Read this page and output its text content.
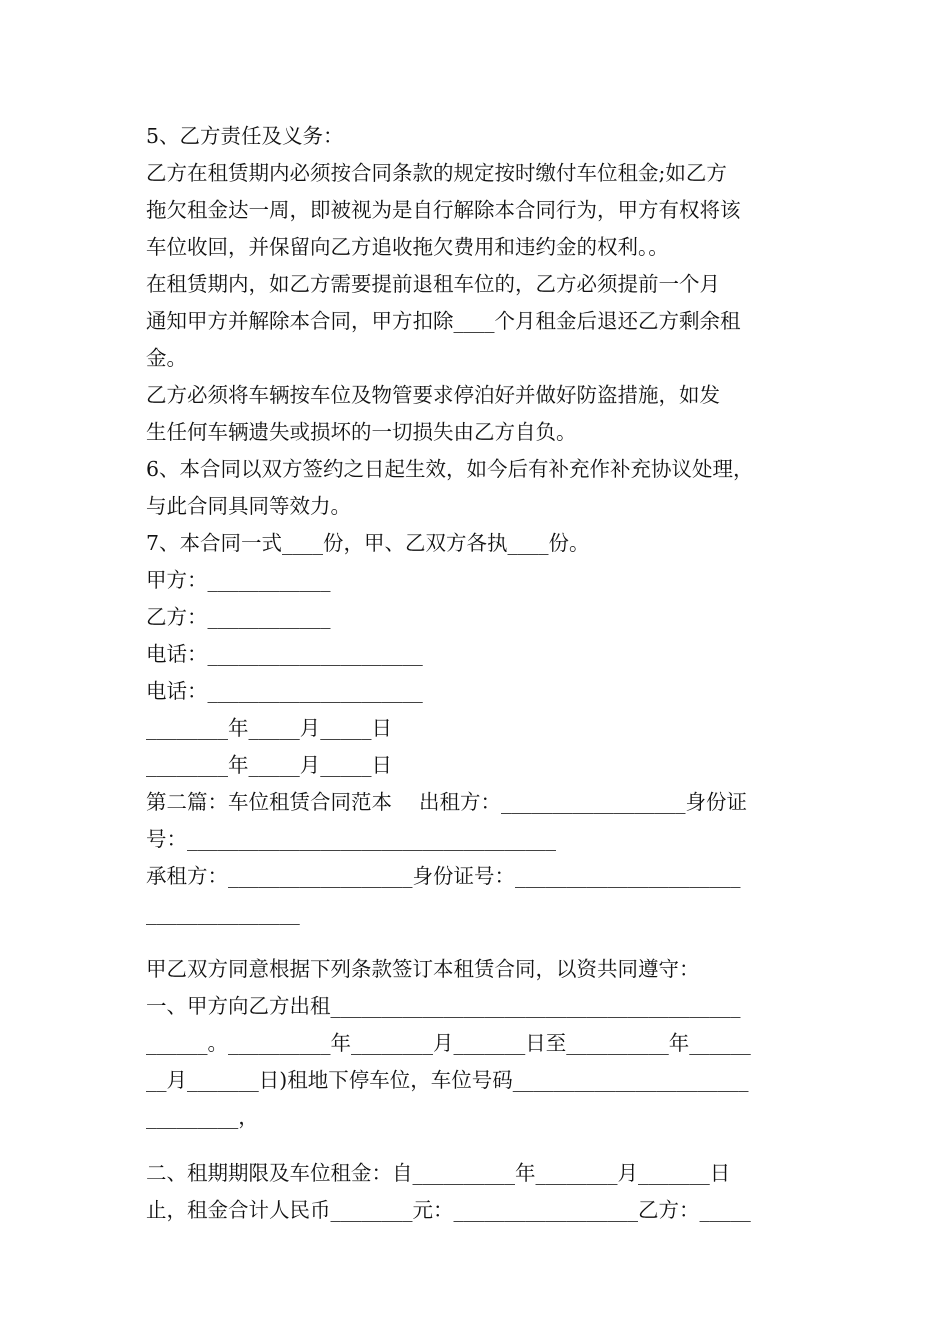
5、乙方责任及义务：
乙方在租赁期内必须按合同条款的规定按时缴付车位租金;如乙方
拖欠租金达一周，即被视为是自行解除本合同行为，甲方有权将该
车位收回，并保留向乙方追收拖欠费用和违约金的权利。。
在租赁期内，如乙方需要提前退租车位的，乙方必须提前一个月
通知甲方并解除本合同，甲方扣除____个月租金后退还乙方剩余租
金。
乙方必须将车辆按车位及物管要求停泊好并做好防盗措施，如发
生任何车辆遗失或损坏的一切损失由乙方自负。
6、本合同以双方签约之日起生效，如今后有补充作补充协议处理，
与此合同具同等效力。
7、本合同一式____份，甲、乙双方各执____份。
甲方：____________
乙方：____________
电话：_____________________
电话：_____________________
________年_____月_____日
________年_____月_____日
第二篇：车位租赁合同范本　 出租方：__________________身份证
号：____________________________________
承租方：__________________身份证号：______________________
_______________
甲乙双方同意根据下列条款签订本租赁合同，以资共同遵守：
一、甲方向乙方出租________________________________________
______。__________年________月_______日至__________年______
__月_______日)租地下停车位，车位号码_______________________
_________，
二、租期期限及车位租金：自__________年________月_______日
止，租金合计人民币________元：__________________乙方：_____
